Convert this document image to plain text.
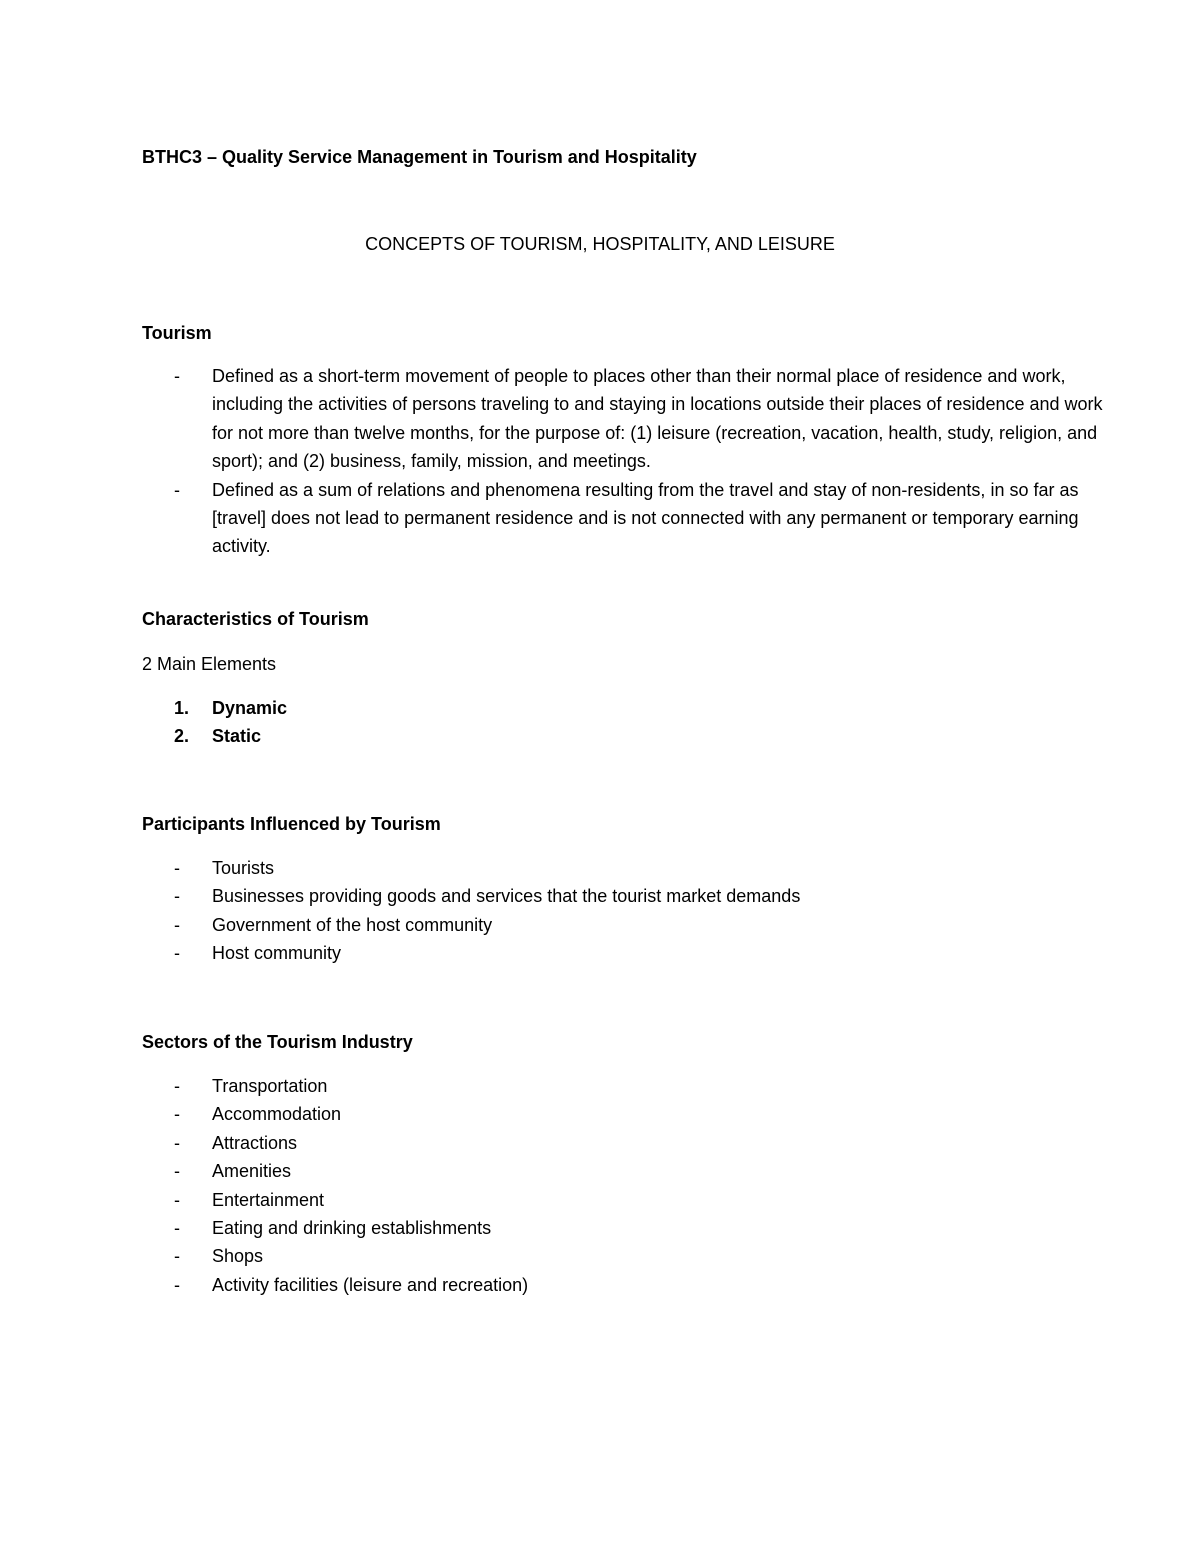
BTHC3 – Quality Service Management in Tourism and Hospitality
CONCEPTS OF TOURISM, HOSPITALITY, AND LEISURE
Tourism
- Defined as a short-term movement of people to places other than their normal place of residence and work, including the activities of persons traveling to and staying in locations outside their places of residence and work for not more than twelve months, for the purpose of: (1) leisure (recreation, vacation, health, study, religion, and sport); and (2) business, family, mission, and meetings.
- Defined as a sum of relations and phenomena resulting from the travel and stay of non-residents, in so far as [travel] does not lead to permanent residence and is not connected with any permanent or temporary earning activity.
Characteristics of Tourism
2 Main Elements
1. Dynamic
2. Static
Participants Influenced by Tourism
- Tourists
- Businesses providing goods and services that the tourist market demands
- Government of the host community
- Host community
Sectors of the Tourism Industry
- Transportation
- Accommodation
- Attractions
- Amenities
- Entertainment
- Eating and drinking establishments
- Shops
- Activity facilities (leisure and recreation)
